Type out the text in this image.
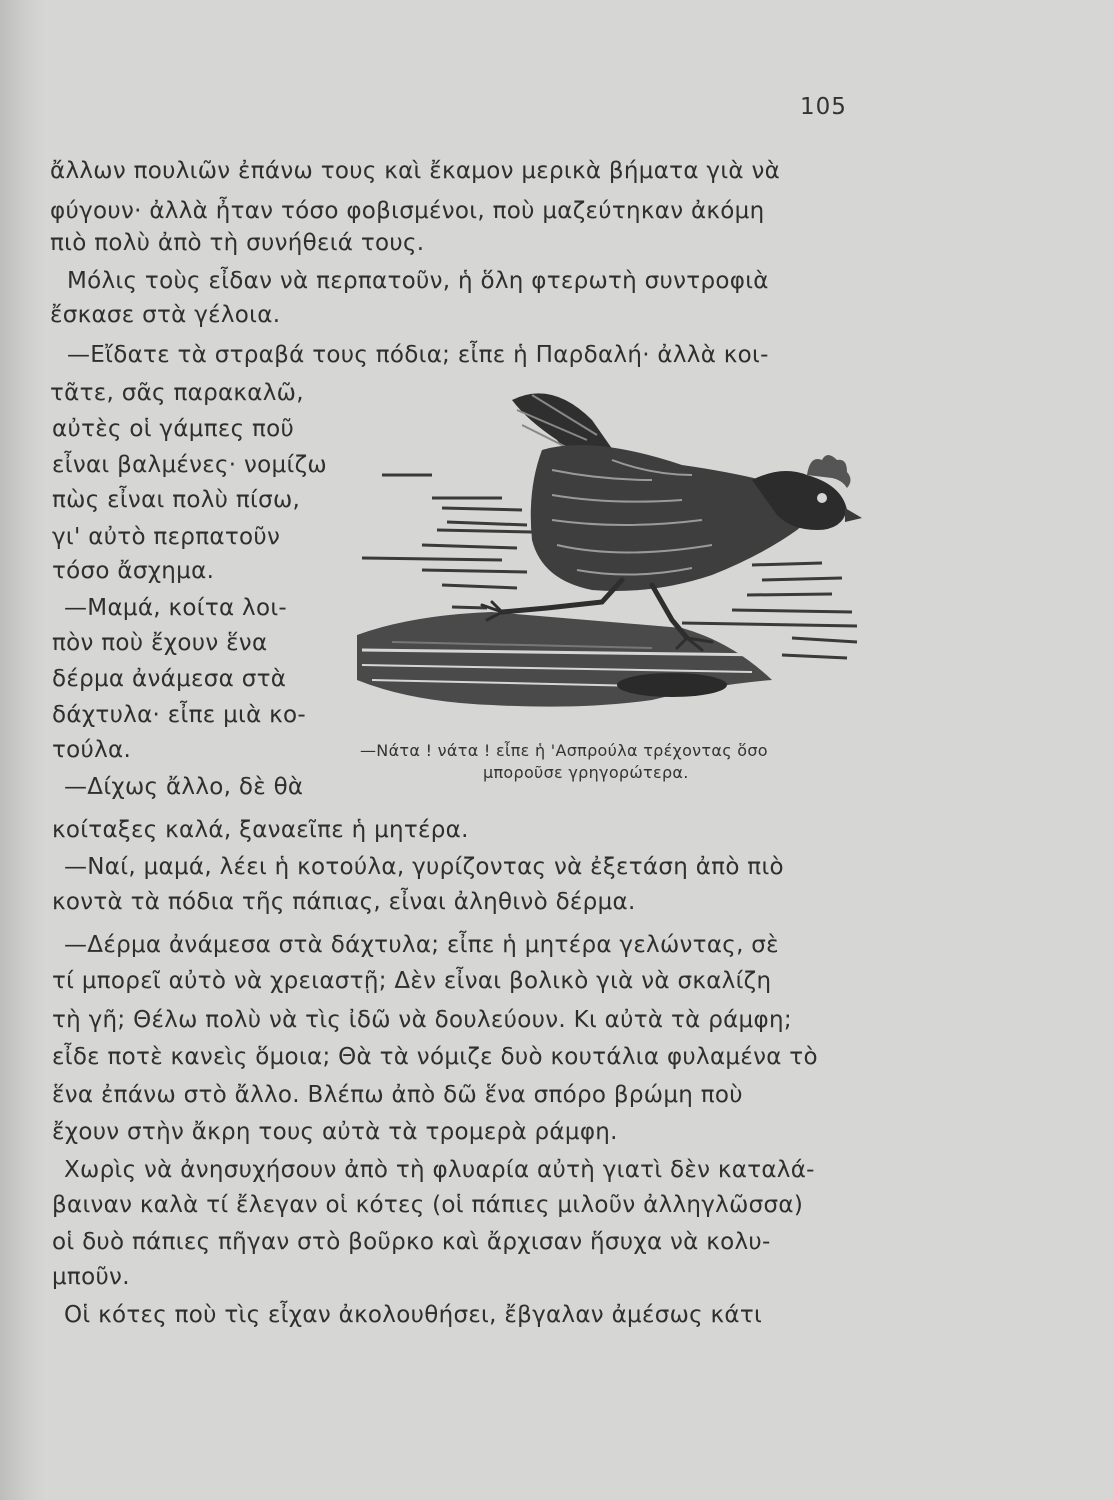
105
ἄλλων πουλιῶν ἐπάνω τους καὶ ἔκαμον μερικὰ βήματα γιὰ νὰ
φύγουν· ἀλλὰ ἦταν τόσο φοβισμένοι, ποὺ μαζεύτηκαν ἀκόμη
πιὸ πολὺ ἀπὸ τὴ συνήθειά τους.
Μόλις τοὺς εἶδαν νὰ περπατοῦν, ἡ ὅλη φτερωτὴ συντροφιὰ
ἔσκασε στὰ γέλοια.
—Εἴδατε τὰ στραβά τους πόδια; εἶπε ἡ Παρδαλή· ἀλλὰ κοι-
τᾶτε, σᾶς παρακαλῶ,
αὐτὲς οἱ γάμπες ποῦ
εἶναι βαλμένες· νομίζω
πὼς εἶναι πολὺ πίσω,
γι' αὐτὸ περπατοῦν
τόσο ἄσχημα.
—Μαμά, κοίτα λοι-
πὸν ποὺ ἔχουν ἕνα
δέρμα ἀνάμεσα στὰ
δάχτυλα· εἶπε μιὰ κο-
τούλα.
—Δίχως ἄλλο, δὲ θὰ
κοίταξες καλά, ξαναεῖπε ἡ μητέρα.
—Ναί, μαμά, λέει ἡ κοτούλα, γυρίζοντας νὰ ἐξετάση ἀπὸ πιὸ
κοντὰ τὰ πόδια τῆς πάπιας, εἶναι ἀληθινὸ δέρμα.
—Δέρμα ἀνάμεσα στὰ δάχτυλα; εἶπε ἡ μητέρα γελώντας, σὲ
τί μπορεῖ αὐτὸ νὰ χρειαστῇ; Δὲν εἶναι βολικὸ γιὰ νὰ σκαλίζη
τὴ γῆ; Θέλω πολὺ νὰ τὶς ἰδῶ νὰ δουλεύουν. Κι αὐτὰ τὰ ράμφη;
εἶδε ποτὲ κανεὶς ὅμοια; Θὰ τὰ νόμιζε δυὸ κουτάλια φυλαμένα τὸ
ἕνα ἐπάνω στὸ ἄλλο. Βλέπω ἀπὸ δῶ ἕνα σπόρο βρώμη ποὺ
ἔχουν στὴν ἄκρη τους αὐτὰ τὰ τρομερὰ ράμφη.
Χωρὶς νὰ ἀνησυχήσουν ἀπὸ τὴ φλυαρία αὐτὴ γιατὶ δὲν καταλά-
βαιναν καλὰ τί ἔλεγαν οἱ κότες (οἱ πάπιες μιλοῦν ἀλληγλῶσσα)
οἱ δυὸ πάπιες πῆγαν στὸ βοῦρκο καὶ ἄρχισαν ἥσυχα νὰ κολυ-
μποῦν.
Οἱ κότες ποὺ τὶς εἶχαν ἀκολουθήσει, ἔβγαλαν ἀμέσως κάτι
—Νάτα ! νάτα ! εἶπε ἡ 'Ασπρούλα τρέχοντας ὅσο
μποροῦσε γρηγορώτερα.
